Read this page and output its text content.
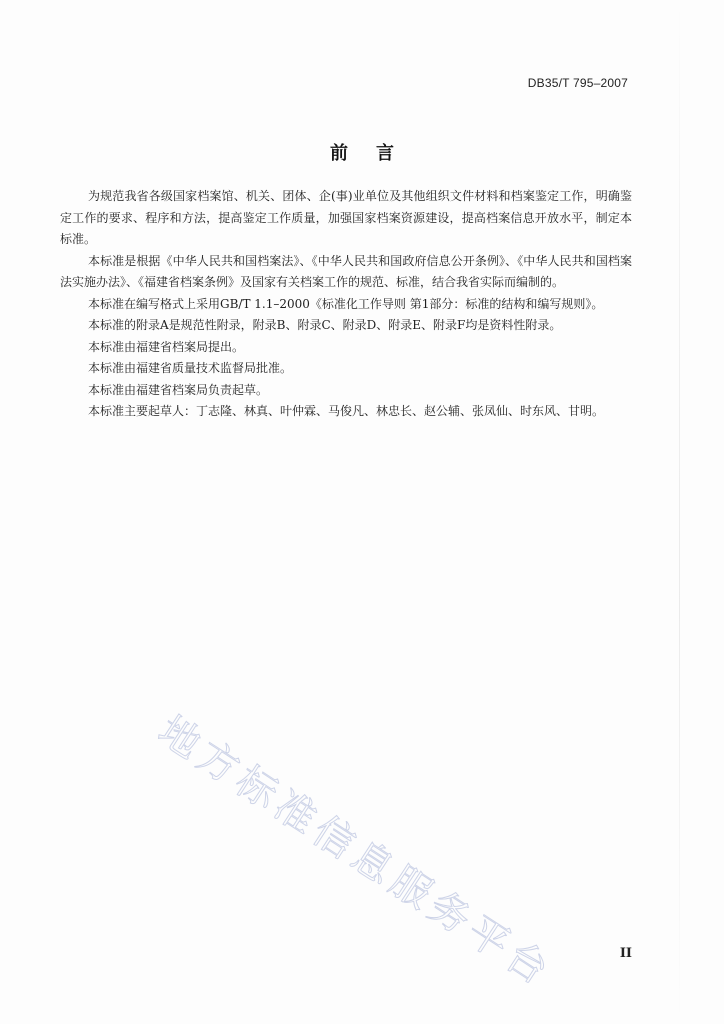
DB35/T 795–2007
前言

为规范我省各级国家档案馆、机关、团体、企(事)业单位及其他组织文件材料和档案鉴定工作，明确鉴定工作的要求、程序和方法，提高鉴定工作质量，加强国家档案资源建设，提高档案信息开放水平，制定本标准。

本标准是根据《中华人民共和国档案法》、《中华人民共和国政府信息公开条例》、《中华人民共和国档案法实施办法》、《福建省档案条例》及国家有关档案工作的规范、标准，结合我省实际而编制的。

本标准在编写格式上采用GB/T 1.1–2000《标准化工作导则 第1部分：标准的结构和编写规则》。

本标准的附录A是规范性附录，附录B、附录C、附录D、附录E、附录F均是资料性附录。

本标准由福建省档案局提出。

本标准由福建省质量技术监督局批准。

本标准由福建省档案局负责起草。

本标准主要起草人：丁志隆、林真、叶仲霖、马俊凡、林忠长、赵公辅、张凤仙、时东风、甘明。

地方标准信息服务平台	II
